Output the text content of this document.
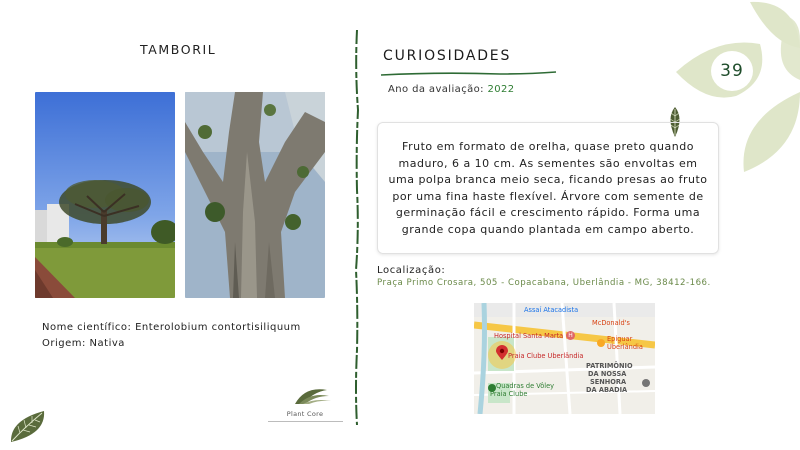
TAMBORIL
Nome científico: Enterolobium contortisiliquum
Origem: Nativa
Plant Core
CURIOSIDADES
Ano da avaliação: 2022
Fruto em formato de orelha, quase preto quando maduro, 6 a 10 cm. As sementes são envoltas em uma polpa branca meio seca, ficando presas ao fruto por uma fina haste flexível. Árvore com semente de germinação fácil e crescimento rápido. Forma uma grande copa quando plantada em campo aberto.
Localização:
Praça Primo Crosara, 505 - Copacabana, Uberlândia - MG, 38412-166.
Assaí Atacadista
McDonald's
H
Hospital Santa Marta	Epiguar
Uberlândia
Praia Clube Uberlândia
PATRIMÔNIO
DA NOSSA
SENHORA
DA ABADIA
Quadras de Vôley
Praia Clube
39
